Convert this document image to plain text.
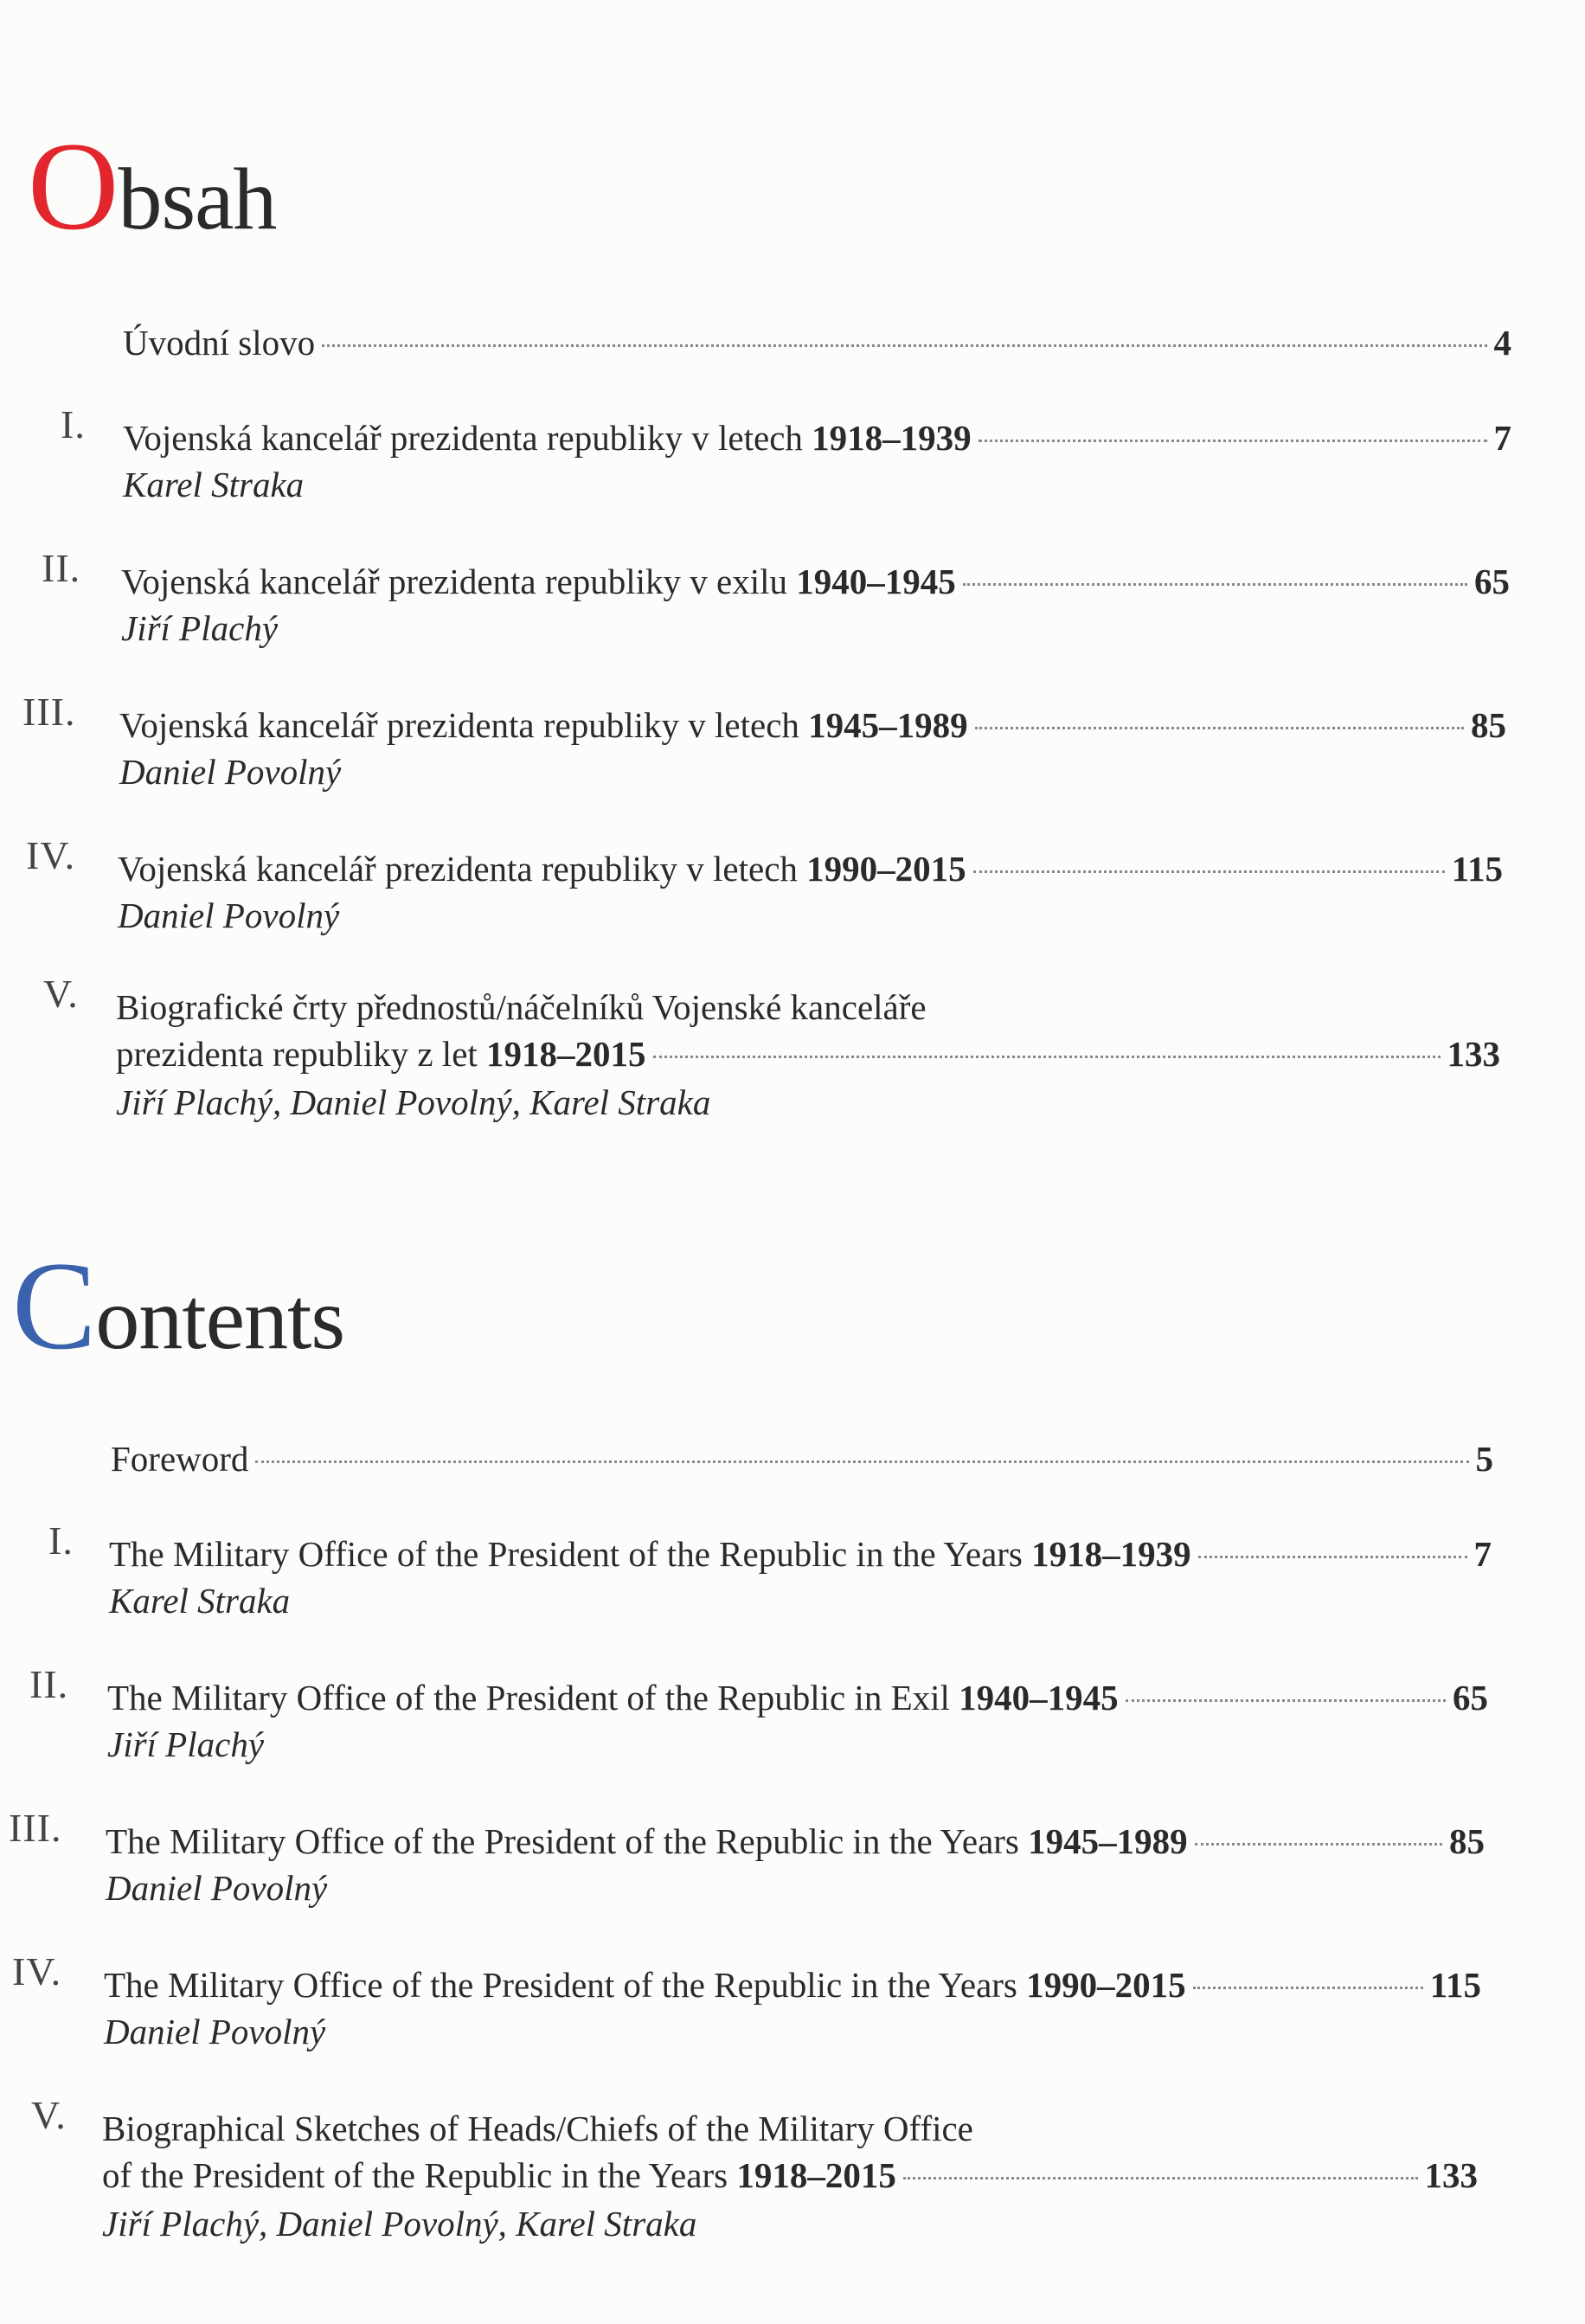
Obsah
Úvodní slovo	4
I. Vojenská kancelář prezidenta republiky v letech 1918–1939	7
Karel Straka
II. Vojenská kancelář prezidenta republiky v exilu 1940–1945	65
Jiří Plachý
III. Vojenská kancelář prezidenta republiky v letech 1945–1989	85
Daniel Povolný
IV. Vojenská kancelář prezidenta republiky v letech 1990–2015	115
Daniel Povolný
V. Biografické črty přednostů/náčelníků Vojenské kanceláře
prezidenta republiky z let 1918–2015	133
Jiří Plachý, Daniel Povolný, Karel Straka
Contents
Foreword	5
I. The Military Office of the President of the Republic in the Years 1918–1939	7
Karel Straka
II. The Military Office of the President of the Republic in Exil 1940–1945	65
Jiří Plachý
III. The Military Office of the President of the Republic in the Years 1945–1989	85
Daniel Povolný
IV. The Military Office of the President of the Republic in the Years 1990–2015	115
Daniel Povolný
V. Biographical Sketches of Heads/Chiefs of the Military Office
of the President of the Republic in the Years 1918–2015	133
Jiří Plachý, Daniel Povolný, Karel Straka
